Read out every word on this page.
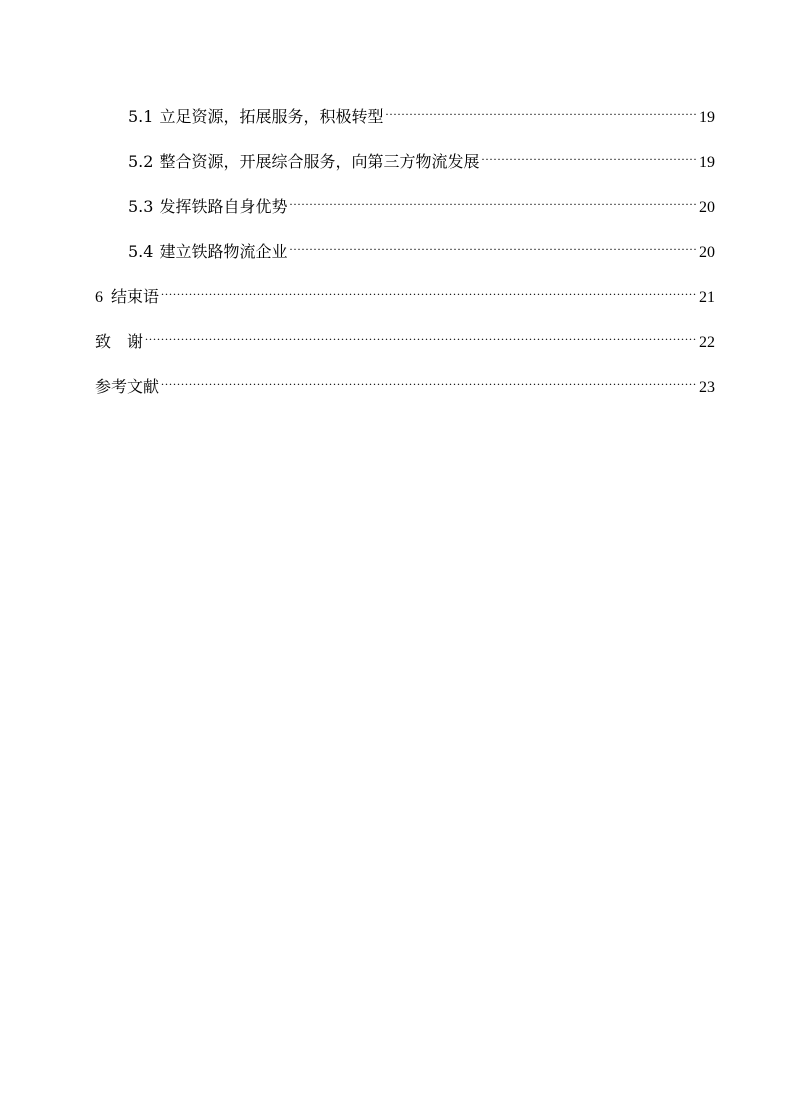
5.1 立足资源，拓展服务，积极转型 .....	19
5.2 整合资源，开展综合服务，向第三方物流发展 .....	19
5.3 发挥铁路自身优势 .....	20
5.4 建立铁路物流企业 .....	20
6 结束语 .....	21
致　谢 .....	22
参考文献 .....	23
